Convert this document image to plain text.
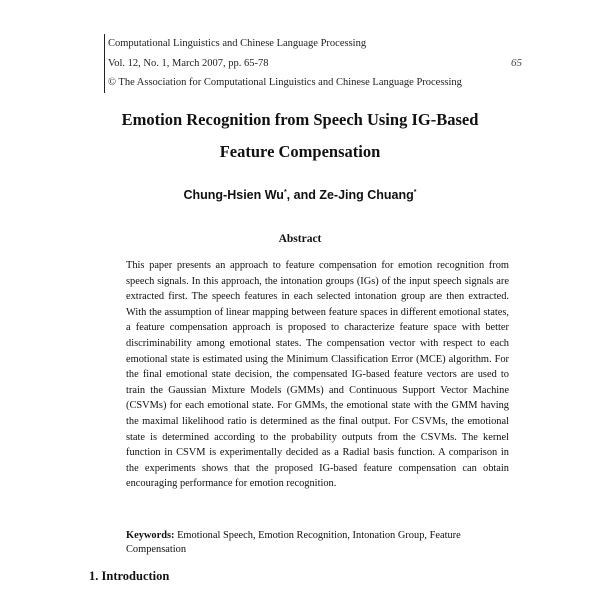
Computational Linguistics and Chinese Language Processing
Vol. 12, No. 1, March 2007, pp. 65-78	65
© The Association for Computational Linguistics and Chinese Language Processing
Emotion Recognition from Speech Using IG-Based
Feature Compensation
Chung-Hsien Wu*, and Ze-Jing Chuang*
Abstract
This paper presents an approach to feature compensation for emotion recognition from speech signals. In this approach, the intonation groups (IGs) of the input speech signals are extracted first. The speech features in each selected intonation group are then extracted. With the assumption of linear mapping between feature spaces in different emotional states, a feature compensation approach is proposed to characterize feature space with better discriminability among emotional states. The compensation vector with respect to each emotional state is estimated using the Minimum Classification Error (MCE) algorithm. For the final emotional state decision, the compensated IG-based feature vectors are used to train the Gaussian Mixture Models (GMMs) and Continuous Support Vector Machine (CSVMs) for each emotional state. For GMMs, the emotional state with the GMM having the maximal likelihood ratio is determined as the final output. For CSVMs, the emotional state is determined according to the probability outputs from the CSVMs. The kernel function in CSVM is experimentally decided as a Radial basis function. A comparison in the experiments shows that the proposed IG-based feature compensation can obtain encouraging performance for emotion recognition.
Keywords: Emotional Speech, Emotion Recognition, Intonation Group, Feature Compensation
1. Introduction
